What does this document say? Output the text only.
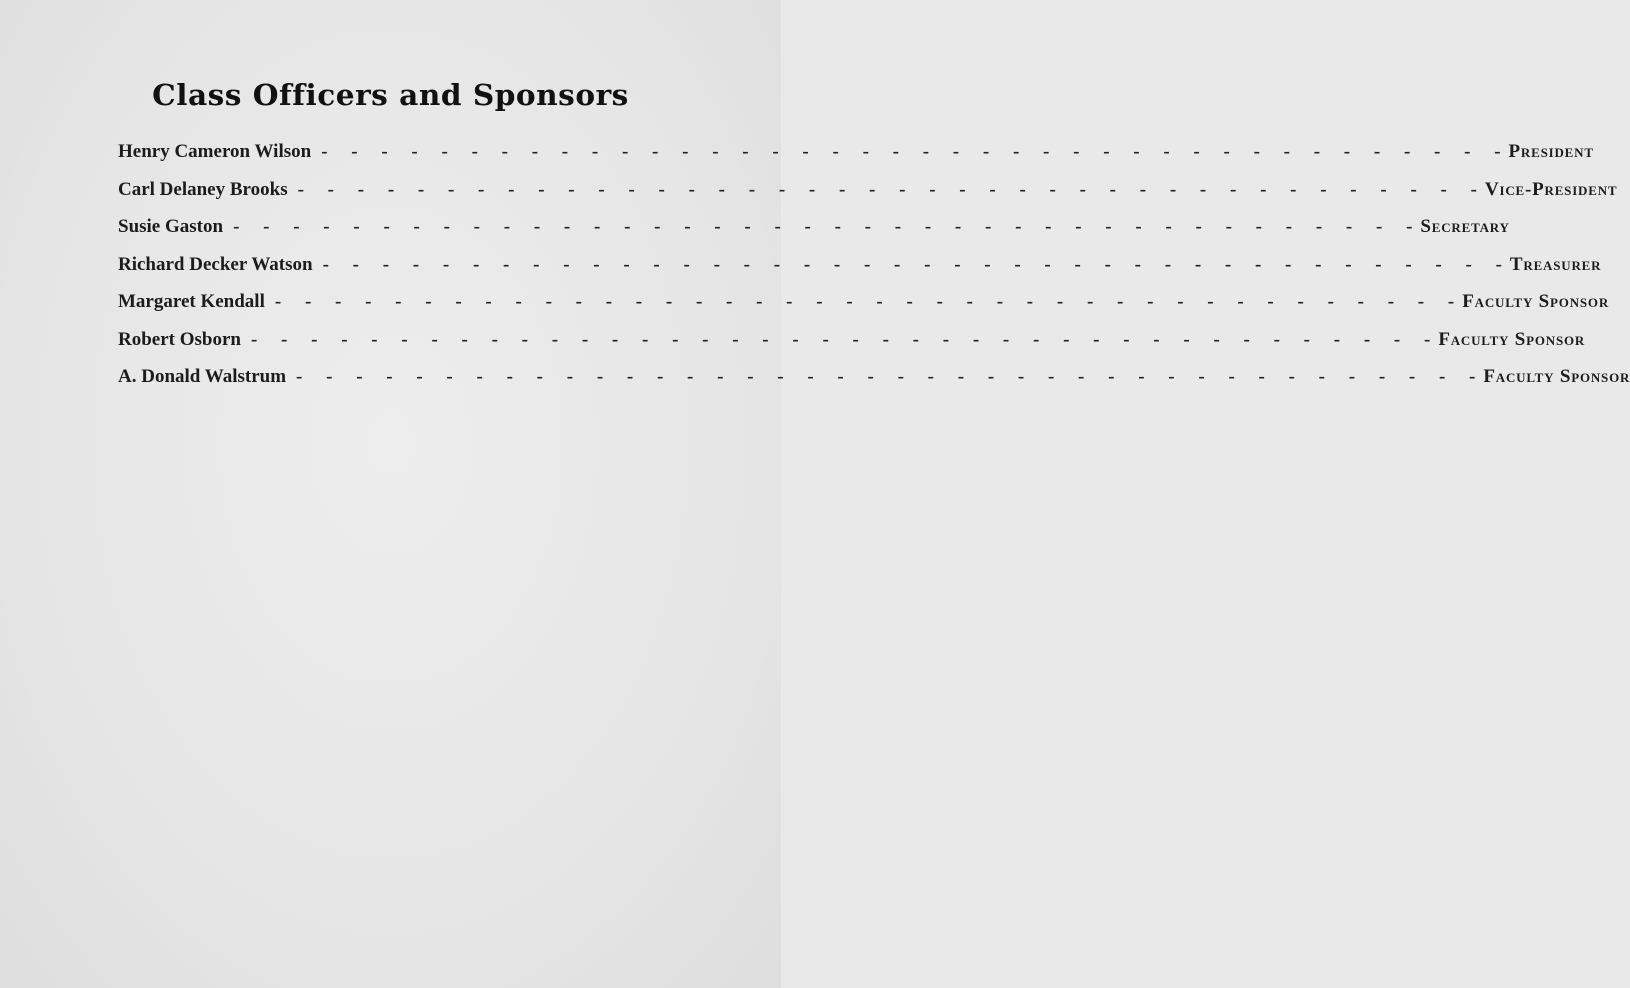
Class Officers and Sponsors
Henry Cameron Wilson -  -  -  -  -  -  -  -  -  -  -  -  -  -  -  -  -  -  -  -  -  -  -  -  -  -  -  -  -  -  -  -  -  -  -  -  -  -  -  - President
Carl Delaney Brooks -  -  -  -  -  -  -  -  -  -  -  -  -  -  -  -  -  -  -  -  -  -  -  -  -  -  -  -  -  -  -  -  -  -  -  -  -  -  -  - Vice-President
Susie Gaston -  -  -  -  -  -  -  -  -  -  -  -  -  -  -  -  -  -  -  -  -  -  -  -  -  -  -  -  -  -  -  -  -  -  -  -  -  -  -  - Secretary
Richard Decker Watson -  -  -  -  -  -  -  -  -  -  -  -  -  -  -  -  -  -  -  -  -  -  -  -  -  -  -  -  -  -  -  -  -  -  -  -  -  -  -  - Treasurer
Margaret Kendall -  -  -  -  -  -  -  -  -  -  -  -  -  -  -  -  -  -  -  -  -  -  -  -  -  -  -  -  -  -  -  -  -  -  -  -  -  -  -  - Faculty Sponsor
Robert Osborn -  -  -  -  -  -  -  -  -  -  -  -  -  -  -  -  -  -  -  -  -  -  -  -  -  -  -  -  -  -  -  -  -  -  -  -  -  -  -  - Faculty Sponsor
A. Donald Walstrum -  -  -  -  -  -  -  -  -  -  -  -  -  -  -  -  -  -  -  -  -  -  -  -  -  -  -  -  -  -  -  -  -  -  -  -  -  -  -  - Faculty Sponsor
